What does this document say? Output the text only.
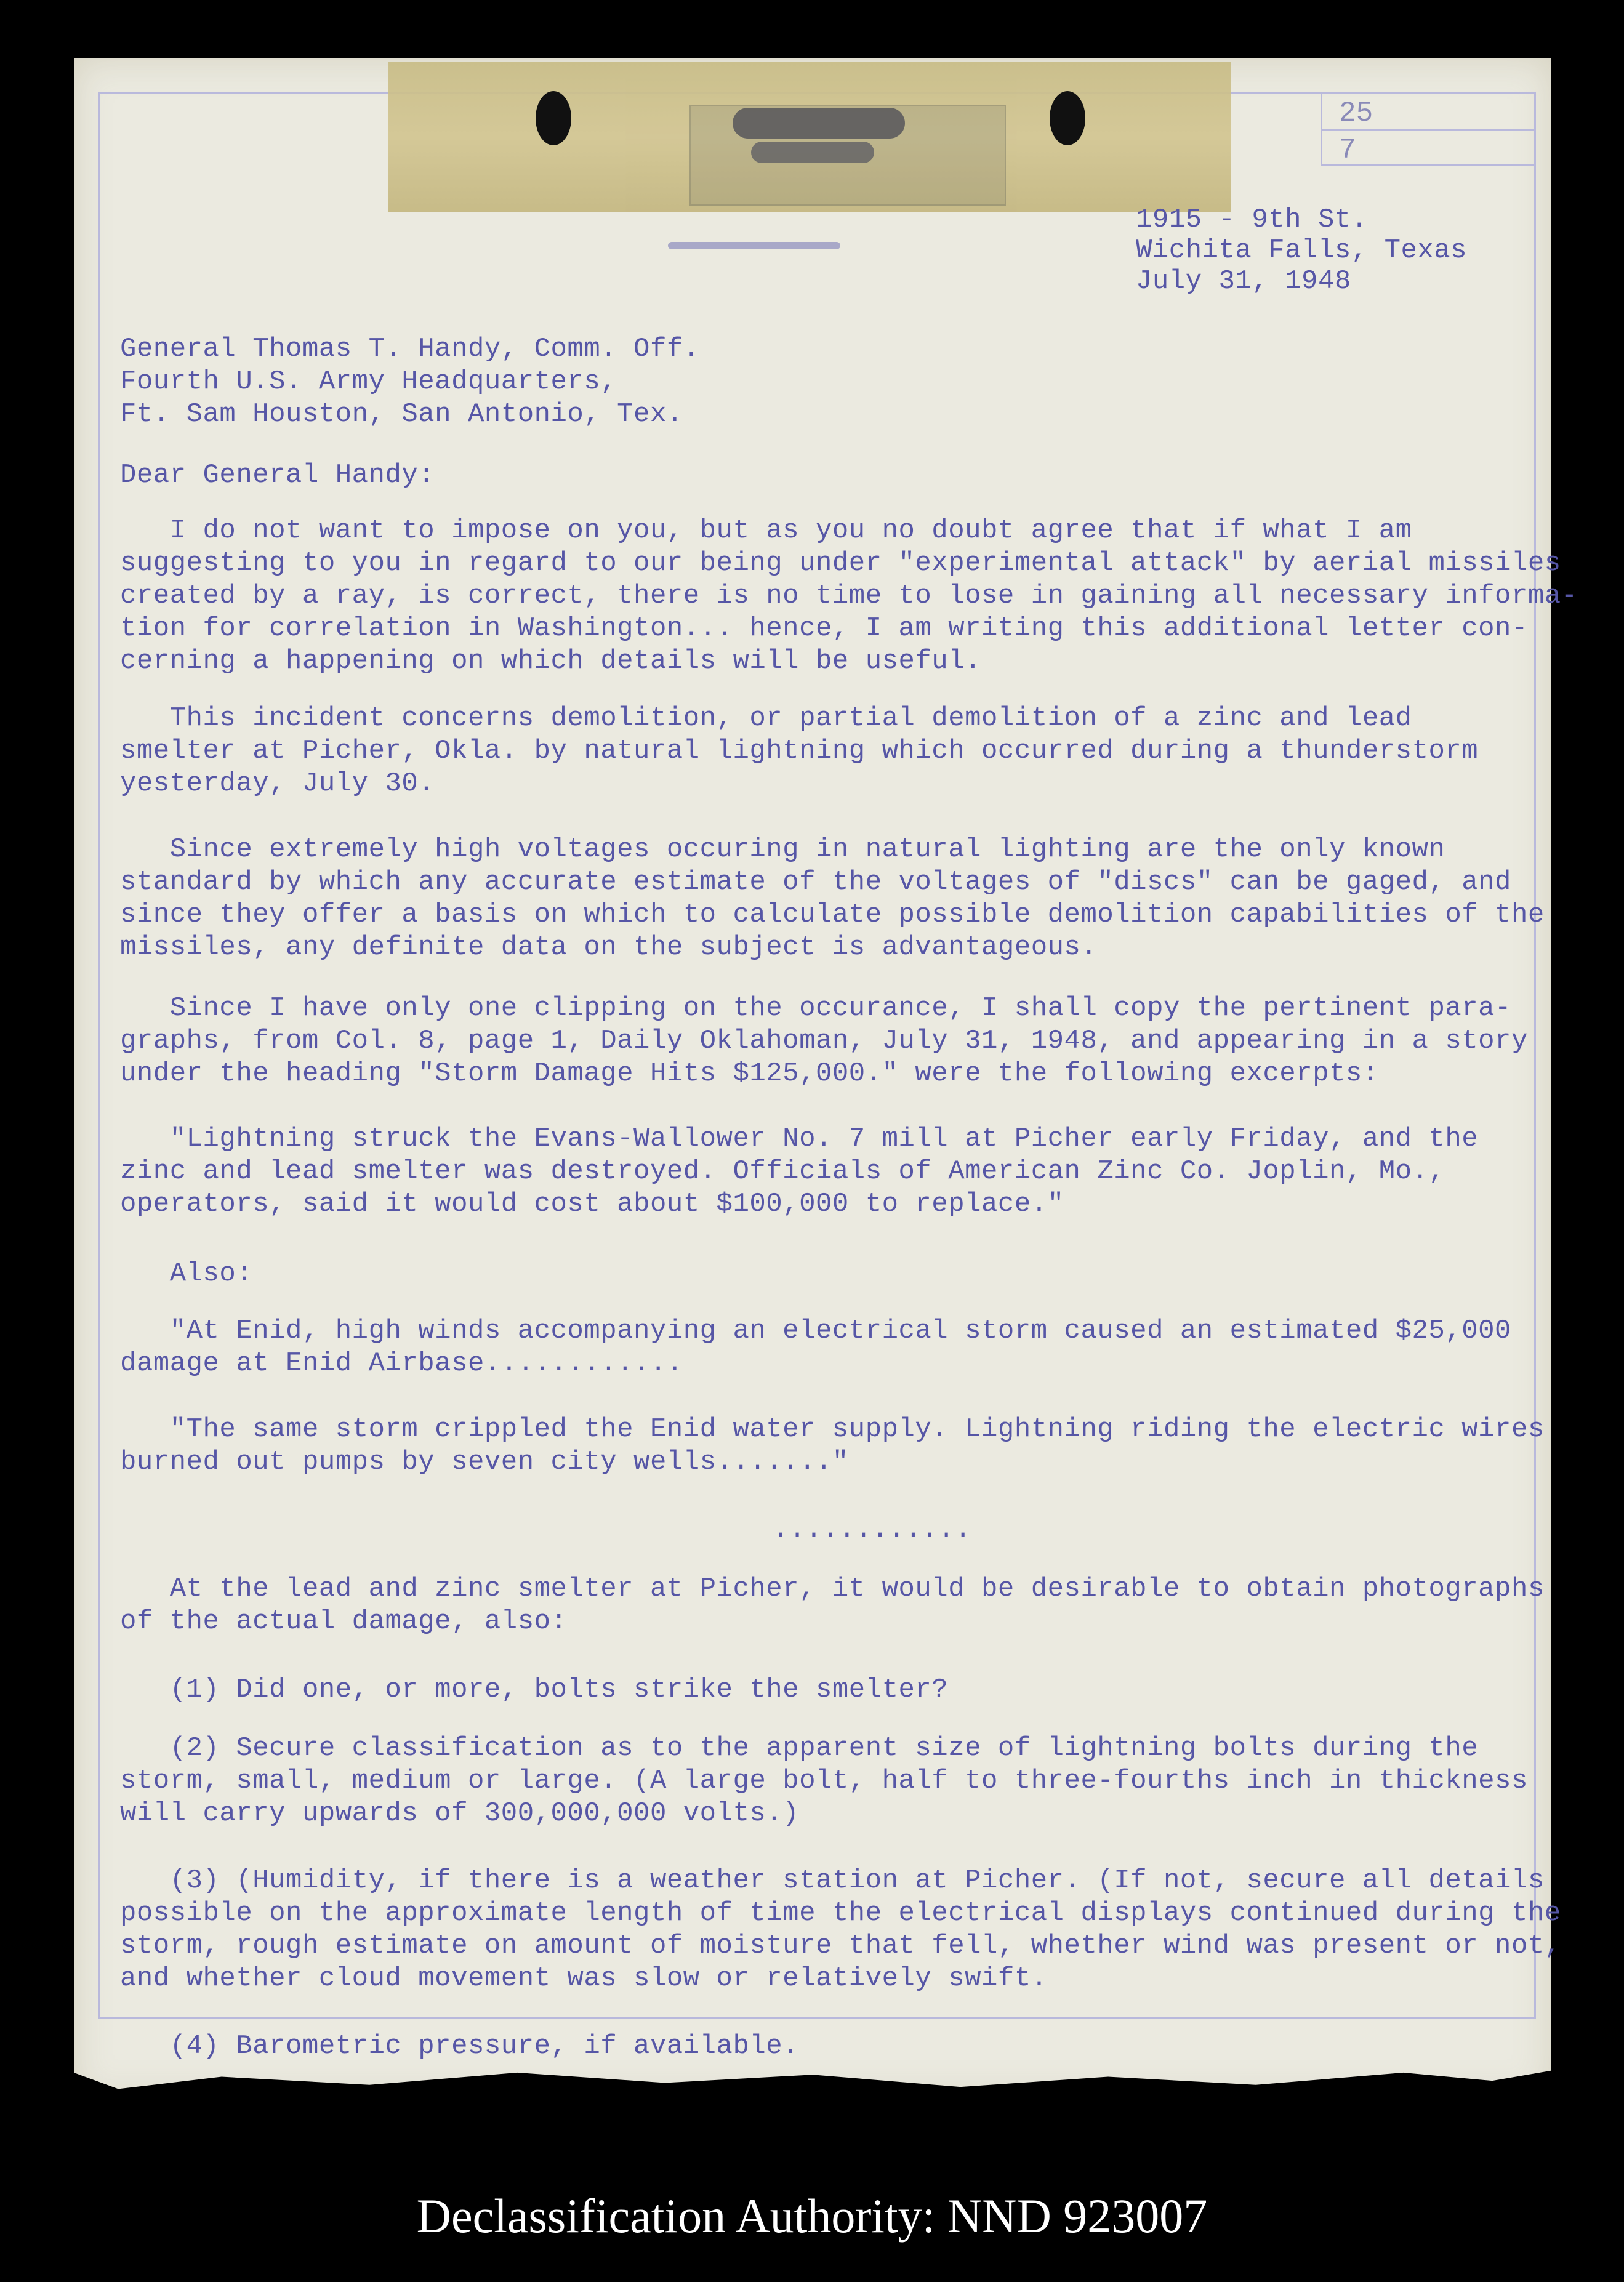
25
7
1915 - 9th St.
Wichita Falls, Texas
July 31, 1948
General Thomas T. Handy, Comm. Off.
Fourth U.S. Army Headquarters,
Ft. Sam Houston, San Antonio, Tex.
Dear General Handy:
I do not want to impose on you, but as you no doubt agree that if what I am
suggesting to you in regard to our being under "experimental attack" by aerial missiles
created by a ray, is correct, there is no time to lose in gaining all necessary informa-
tion for correlation in Washington... hence, I am writing this additional letter con-
cerning a happening on which details will be useful.
This incident concerns demolition, or partial demolition of a zinc and lead
smelter at Picher, Okla. by natural lightning which occurred during a thunderstorm
yesterday, July 30.
Since extremely high voltages occuring in natural lighting are the only known
standard by which any accurate estimate of the voltages of "discs" can be gaged, and
since they offer a basis on which to calculate possible demolition capabilities of the
missiles, any definite data on the subject is advantageous.
Since I have only one clipping on the occurance, I shall copy the pertinent para-
graphs, from Col. 8, page 1, Daily Oklahoman, July 31, 1948, and appearing in a story
under the heading "Storm Damage Hits $125,000." were the following excerpts:
"Lightning struck the Evans-Wallower No. 7 mill at Picher early Friday, and the
zinc and lead smelter was destroyed. Officials of American Zinc Co. Joplin, Mo.,
operators, said it would cost about $100,000 to replace."
Also:
"At Enid, high winds accompanying an electrical storm caused an estimated $25,000
damage at Enid Airbase............
"The same storm crippled the Enid water supply. Lightning riding the electric wires
burned out pumps by seven city wells......."
............
At the lead and zinc smelter at Picher, it would be desirable to obtain photographs
of the actual damage, also:
(1) Did one, or more, bolts strike the smelter?
(2) Secure classification as to the apparent size of lightning bolts during the
storm, small, medium or large. (A large bolt, half to three-fourths inch in thickness
will carry upwards of 300,000,000 volts.)
(3) (Humidity, if there is a weather station at Picher. (If not, secure all details
possible on the approximate length of time the electrical displays continued during the
storm, rough estimate on amount of moisture that fell, whether wind was present or not,
and whether cloud movement was slow or relatively swift.
(4) Barometric pressure, if available.
Declassification Authority: NND 923007
